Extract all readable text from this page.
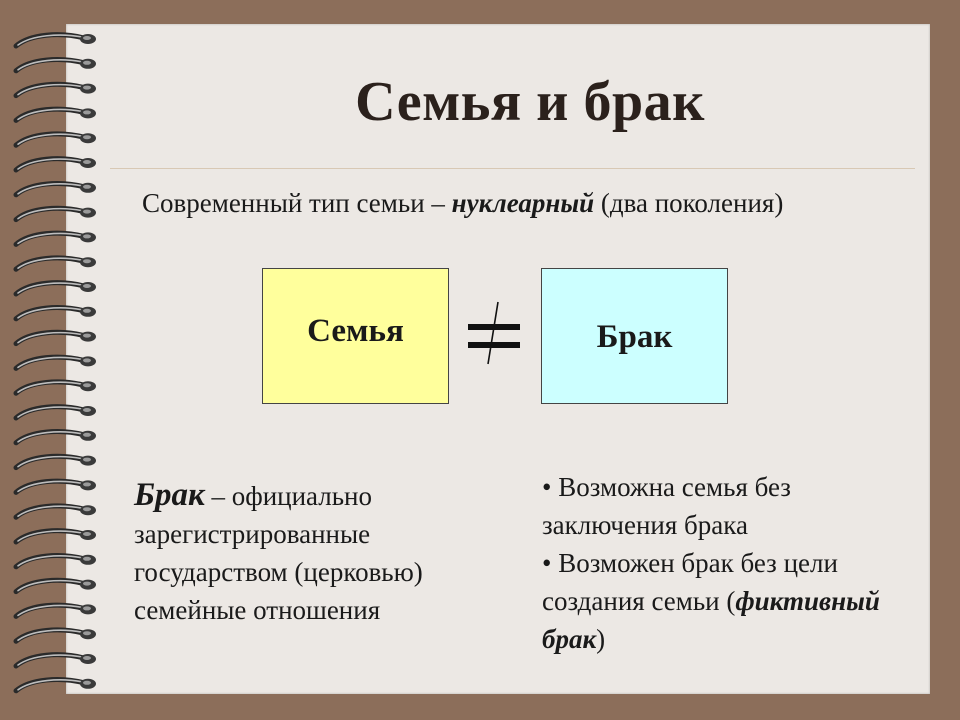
Семья и брак
Современный тип семьи – нуклеарный (два поколения)
Семья	Брак
Брак – официально зарегистрированные государством (церковью) семейные отношения

• Возможна семья без заключения брака

• Возможен брак без цели создания семьи (фиктивный брак)
